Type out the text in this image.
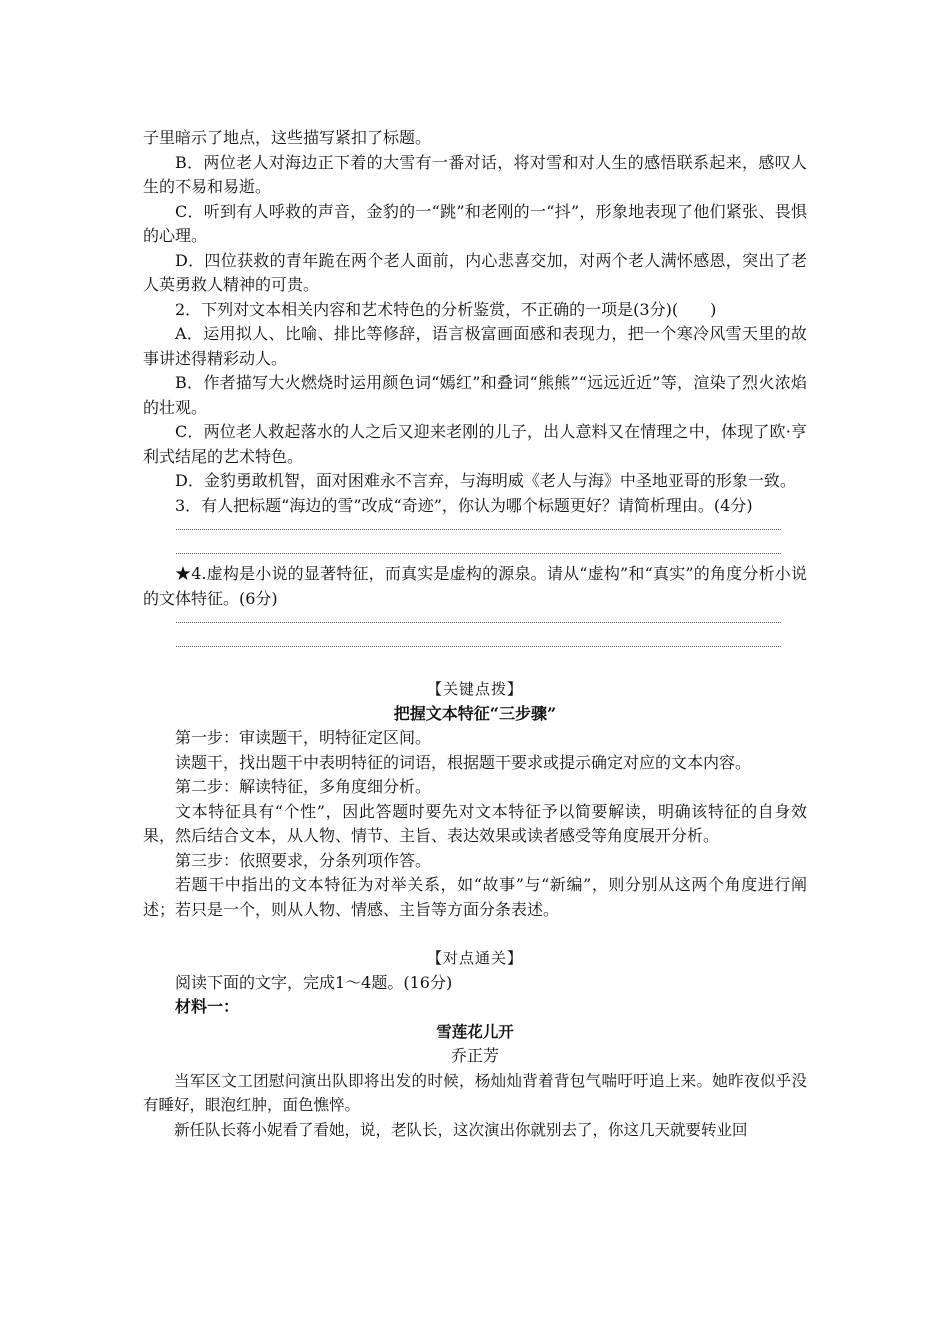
子里暗示了地点，这些描写紧扣了标题。

B．两位老人对海边正下着的大雪有一番对话，将对雪和对人生的感悟联系起来，感叹人生的不易和易逝。

C．听到有人呼救的声音，金豹的一“跳”和老刚的一“抖”，形象地表现了他们紧张、畏惧的心理。

D．四位获救的青年跪在两个老人面前，内心悲喜交加，对两个老人满怀感恩，突出了老人英勇救人精神的可贵。

2．下列对文本相关内容和艺术特色的分析鉴赏，不正确的一项是(3分)(　　)

A．运用拟人、比喻、排比等修辞，语言极富画面感和表现力，把一个寒冷风雪天里的故事讲述得精彩动人。

B．作者描写大火燃烧时运用颜色词“嫣红”和叠词“熊熊”“远远近近”等，渲染了烈火浓焰的壮观。

C．两位老人救起落水的人之后又迎来老刚的儿子，出人意料又在情理之中，体现了欧·亨利式结尾的艺术特色。

D．金豹勇敢机智，面对困难永不言弃，与海明威《老人与海》中圣地亚哥的形象一致。

3．有人把标题“海边的雪”改成“奇迹”，你认为哪个标题更好？请简析理由。(4分)

★4.虚构是小说的显著特征，而真实是虚构的源泉。请从“虚构”和“真实”的角度分析小说的文体特征。(6分)

【关键点拨】

把握文本特征“三步骤”

第一步：审读题干，明特征定区间。

读题干，找出题干中表明特征的词语，根据题干要求或提示确定对应的文本内容。

第二步：解读特征，多角度细分析。

文本特征具有“个性”，因此答题时要先对文本特征予以简要解读，明确该特征的自身效果，然后结合文本，从人物、情节、主旨、表达效果或读者感受等角度展开分析。

第三步：依照要求，分条列项作答。

若题干中指出的文本特征为对举关系，如“故事”与“新编”，则分别从这两个角度进行阐述；若只是一个，则从人物、情感、主旨等方面分条表述。

【对点通关】

阅读下面的文字，完成1～4题。(16分)

材料一：

雪莲花儿开

乔正芳

当军区文工团慰问演出队即将出发的时候，杨灿灿背着背包气喘吁吁追上来。她昨夜似乎没有睡好，眼泡红肿，面色憔悴。

新任队长蒋小妮看了看她，说，老队长，这次演出你就别去了，你这几天就要转业回
